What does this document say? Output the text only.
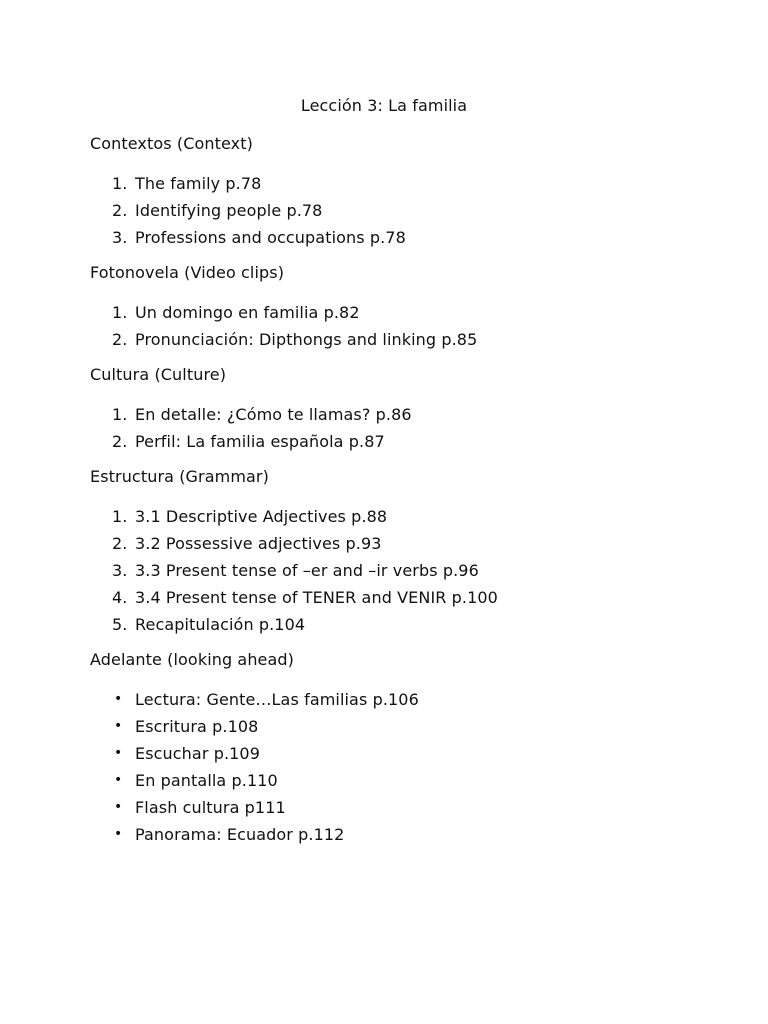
Lección 3: La familia
Contextos (Context)
1. The family p.78
2. Identifying people p.78
3. Professions and occupations p.78
Fotonovela (Video clips)
1. Un domingo en familia p.82
2. Pronunciación: Dipthongs and linking p.85
Cultura (Culture)
1. En detalle: ¿Cómo te llamas? p.86
2. Perfil: La familia española p.87
Estructura (Grammar)
1. 3.1 Descriptive Adjectives p.88
2. 3.2 Possessive adjectives p.93
3. 3.3 Present tense of –er and –ir verbs p.96
4. 3.4 Present tense of TENER and VENIR p.100
5. Recapitulación p.104
Adelante (looking ahead)
• Lectura: Gente…Las familias p.106
• Escritura p.108
• Escuchar p.109
• En pantalla p.110
• Flash cultura p111
• Panorama: Ecuador p.112
